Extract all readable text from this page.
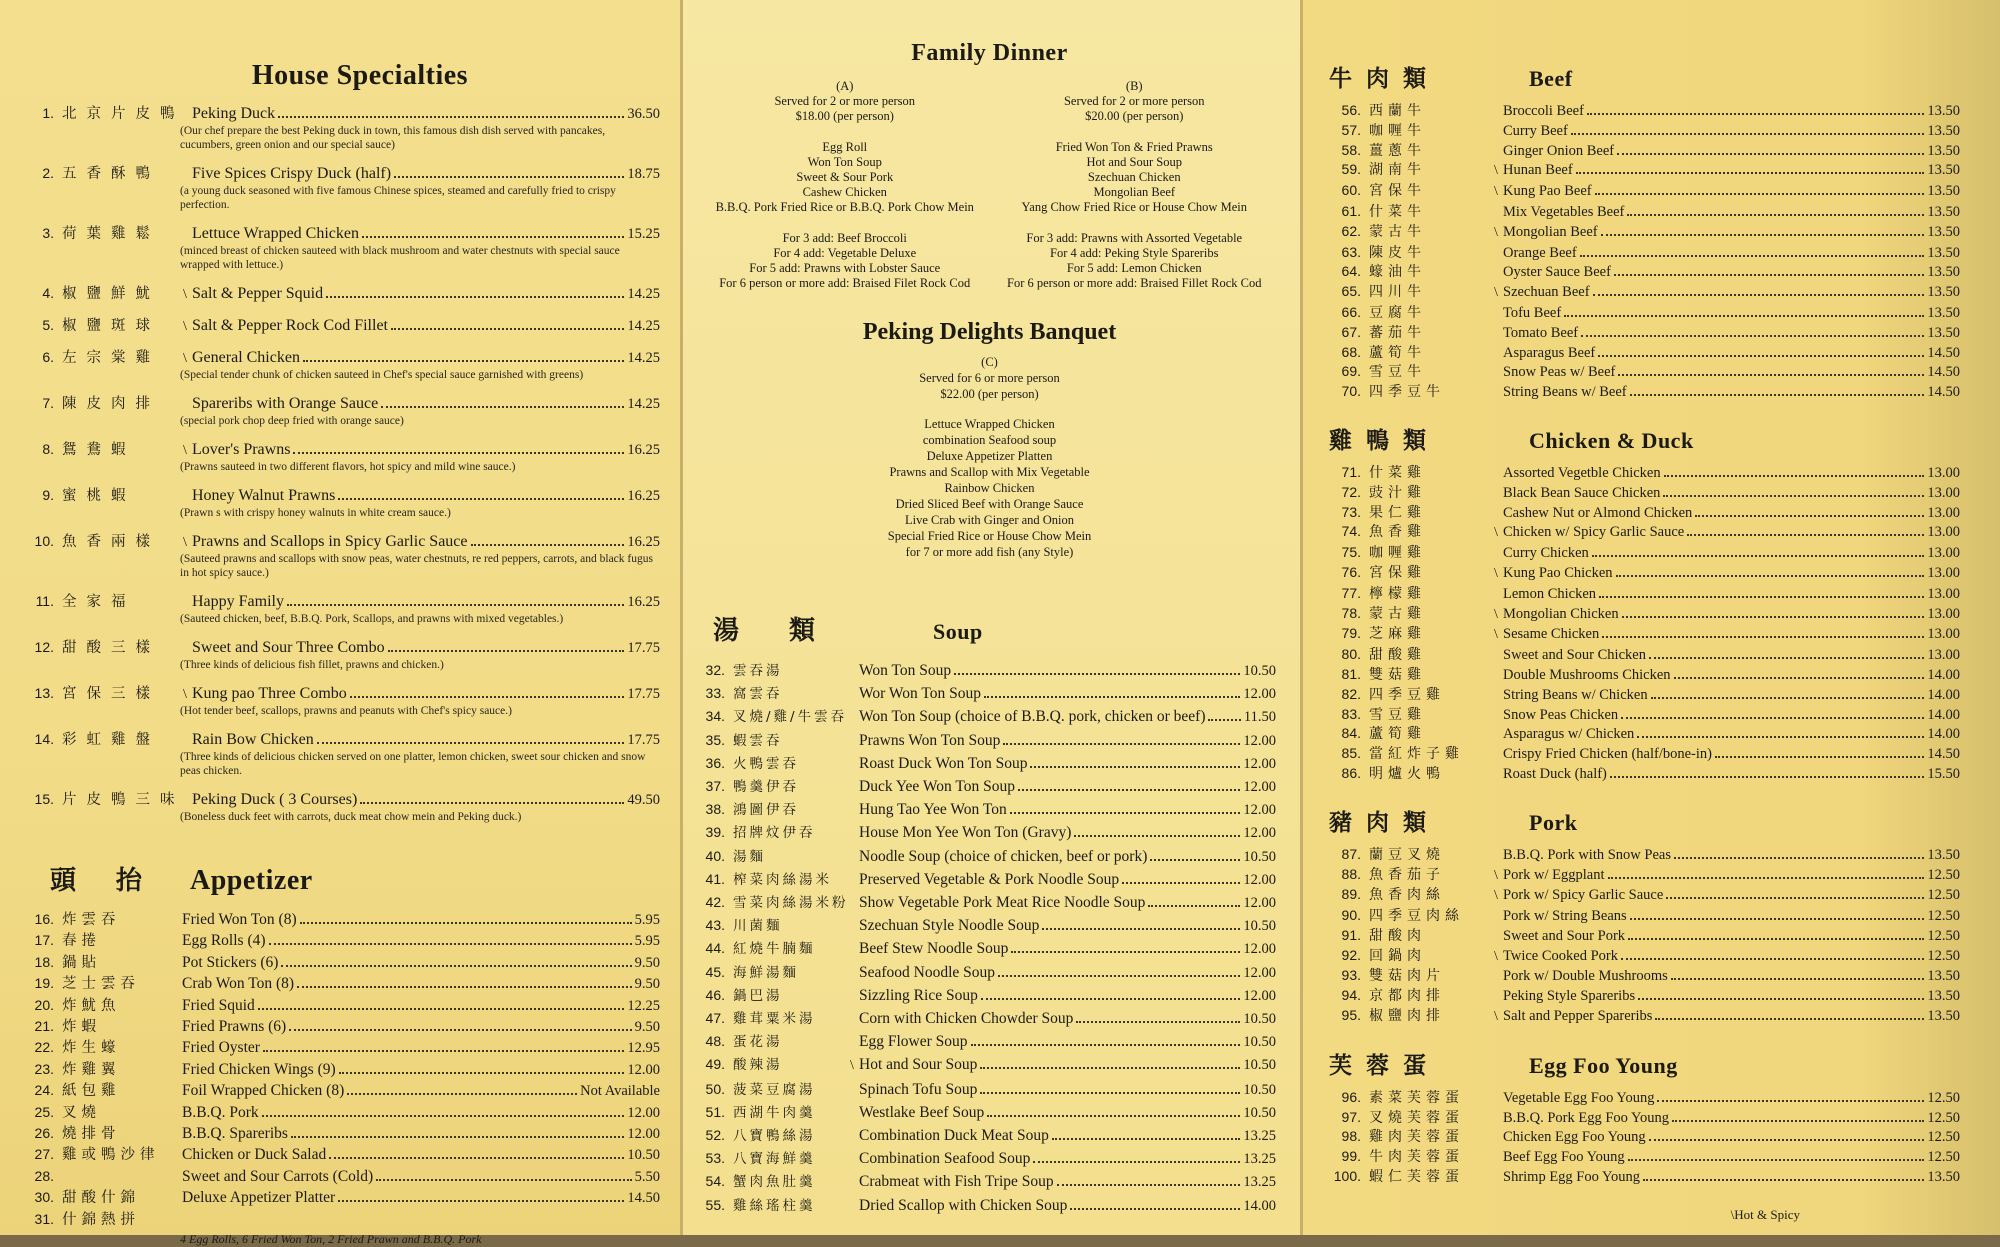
House Specialties
1. 北京片皮鴨 Peking Duck	36.50
(Our chef prepare the best Peking duck in town, this famous dish dish served with pancakes, cucumbers, green onion and our special sauce)
2. 五香酥鴨	Five Spices Crispy Duck (half)	18.75
(a young duck seasoned with five famous Chinese spices, steamed and carefully fried to crispy perfection.
3. 荷葉雞鬆	Lettuce Wrapped Chicken	15.25
(minced breast of chicken sauteed with black mushroom and water chestnuts with special sauce wrapped with lettuce.)
4. 椒鹽鮮魷	\ Salt & Pepper Squid	14.25
5. 椒鹽斑球	\ Salt & Pepper Rock Cod Fillet	14.25
6. 左宗棠雞	\ General Chicken	14.25
(Special tender chunk of chicken sauteed in Chef's special sauce garnished with greens)
7. 陳皮肉排	Spareribs with Orange Sauce	14.25
(special pork chop deep fried with orange sauce)
8. 鴛鴦蝦	\ Lover's Prawns	16.25
(Prawns sauteed in two different flavors, hot spicy and mild wine sauce.)
9. 蜜桃蝦	Honey Walnut Prawns	16.25
(Prawn s with crispy honey walnuts in white cream sauce.)
10. 魚香兩樣	\ Prawns and Scallops in Spicy Garlic Sauce	16.25
(Sauteed prawns and scallops with snow peas, water chestnuts, re red peppers, carrots, and black fugus in hot spicy sauce.)
11. 全家福	Happy Family	16.25
(Sauteed chicken, beef, B.B.Q. Pork, Scallops, and prawns with mixed vegetables.)
12. 甜酸三樣	Sweet and Sour Three Combo	17.75
(Three kinds of delicious fish fillet, prawns and chicken.)
13. 宮保三樣	\ Kung pao Three Combo	17.75
(Hot tender beef, scallops, prawns and peanuts with Chef's spicy sauce.)
14. 彩虹雞盤	Rain Bow Chicken	17.75
(Three kinds of delicious chicken served on one platter, lemon chicken, sweet sour chicken and snow peas chicken.
15. 片皮鴨三味 Peking Duck ( 3 Courses)	49.50
(Boneless duck feet with carrots, duck meat chow mein and Peking duck.)
頭抬 Appetizer
16. 炸雲吞	Fried Won Ton (8)	5.95
17. 春捲	Egg Rolls (4)	5.95
18. 鍋貼	Pot Stickers (6)	9.50
19. 芝士雲吞	Crab Won Ton (8)	9.50
20. 炸魷魚	Fried Squid	12.25
21. 炸蝦	Fried Prawns (6)	9.50
22. 炸生蠔	Fried Oyster	12.95
23. 炸雞翼	Fried Chicken Wings (9)	12.00
24. 紙包雞	Foil Wrapped Chicken (8)	Not Available
25. 叉燒	B.B.Q. Pork	12.00
26. 燒排骨	B.B.Q. Spareribs	12.00
27. 雞或鴨沙律	Chicken or Duck Salad	10.50
28.	Sweet and Sour Carrots (Cold)	5.50
30. 甜酸什錦	Deluxe Appetizer Platter	14.50
31. 什錦熱拼
4 Egg Rolls, 6 Fried Won Ton, 2 Fried Prawn and B.B.Q. Pork
Family Dinner
(A)
Served for 2 or more person
$18.00 (per person)
Egg Roll
Won Ton Soup
Sweet & Sour Pork
Cashew Chicken
B.B.Q. Pork Fried Rice or B.B.Q. Pork Chow Mein
For 3 add: Beef Broccoli
For 4 add: Vegetable Deluxe
For 5 add: Prawns with Lobster Sauce
For 6 person or more add: Braised Filet Rock Cod
(B)
Served for 2 or more person
$20.00 (per person)
Fried Won Ton & Fried Prawns
Hot and Sour Soup
Szechuan Chicken
Mongolian Beef
Yang Chow Fried Rice or House Chow Mein
For 3 add: Prawns with Assorted Vegetable
For 4 add: Peking Style Spareribs
For 5 add: Lemon Chicken
For 6 person or more add: Braised Fillet Rock Cod
Peking Delights Banquet
(C)
Served for 6 or more person
$22.00 (per person)
Lettuce Wrapped Chicken
combination Seafood soup
Deluxe Appetizer Platten
Prawns and Scallop with Mix Vegetable
Rainbow Chicken
Dried Sliced Beef with Orange Sauce
Live Crab with Ginger and Onion
Special Fried Rice or House Chow Mein
for 7 or more add fish (any Style)
湯類	Soup
32. 雲吞湯	Won Ton Soup	10.50
33. 窩雲吞	Wor Won Ton Soup	12.00
34. 叉燒/雞/牛雲吞 Won Ton Soup (choice of B.B.Q. pork, chicken or beef)	11.50
35. 蝦雲吞	Prawns Won Ton Soup	12.00
36. 火鴨雲吞	Roast Duck Won Ton Soup	12.00
37. 鴨羹伊吞	Duck Yee Won Ton Soup	12.00
38. 鴻圖伊吞	Hung Tao Yee Won Ton	12.00
39. 招牌炆伊吞	House Mon Yee Won Ton (Gravy)	12.00
40. 湯麵	Noodle Soup (choice of chicken, beef or pork)	10.50
41. 榨菜肉絲湯米	Preserved Vegetable & Pork Noodle Soup	12.00
42. 雪菜肉絲湯米粉 Show Vegetable Pork Meat Rice Noodle Soup	12.00
43. 川菌麵	Szechuan Style Noodle Soup	10.50
44. 紅燒牛腩麵	Beef Stew Noodle Soup	12.00
45. 海鮮湯麵	Seafood Noodle Soup	12.00
46. 鍋巴湯	Sizzling Rice Soup	12.00
47. 雞茸粟米湯	Corn with Chicken Chowder Soup	10.50
48. 蛋花湯	Egg Flower Soup	10.50
49. 酸辣湯	\ Hot and Sour Soup	10.50
50. 菠菜豆腐湯	Spinach Tofu Soup	10.50
51. 西湖牛肉羹	Westlake Beef Soup	10.50
52. 八寶鴨絲湯	Combination Duck Meat Soup	13.25
53. 八寶海鮮羹	Combination Seafood Soup	13.25
54. 蟹肉魚肚羹	Crabmeat with Fish Tripe Soup	13.25
55. 雞絲瑤柱羹	Dried Scallop with Chicken Soup	14.00
牛肉類	Beef
56. 西蘭牛	Broccoli Beef	13.50
57. 咖喱牛	Curry Beef	13.50
58. 薑蔥牛	Ginger Onion Beef	13.50
59. 湖南牛	\ Hunan Beef	13.50
60. 宮保牛	\ Kung Pao Beef	13.50
61. 什菜牛	Mix Vegetables Beef	13.50
62. 蒙古牛	\ Mongolian Beef	13.50
63. 陳皮牛	Orange Beef	13.50
64. 蠔油牛	Oyster Sauce Beef	13.50
65. 四川牛	\ Szechuan Beef	13.50
66. 豆腐牛	Tofu Beef	13.50
67. 蕃茄牛	Tomato Beef	13.50
68. 蘆筍牛	Asparagus Beef	14.50
69. 雪豆牛	Snow Peas w/ Beef	14.50
70. 四季豆牛	String Beans w/ Beef	14.50
雞鴨類	Chicken & Duck
71. 什菜雞	Assorted Vegetble Chicken	13.00
72. 豉汁雞	Black Bean Sauce Chicken	13.00
73. 果仁雞	Cashew Nut or Almond Chicken	13.00
74. 魚香雞	\ Chicken w/ Spicy Garlic Sauce	13.00
75. 咖喱雞	Curry Chicken	13.00
76. 宮保雞	\ Kung Pao Chicken	13.00
77. 檸檬雞	Lemon Chicken	13.00
78. 蒙古雞	\ Mongolian Chicken	13.00
79. 芝麻雞	\ Sesame Chicken	13.00
80. 甜酸雞	Sweet and Sour Chicken	13.00
81. 雙菇雞	Double Mushrooms Chicken	14.00
82. 四季豆雞	String Beans w/ Chicken	14.00
83. 雪豆雞	Snow Peas Chicken	14.00
84. 蘆筍雞	Asparagus w/ Chicken	14.00
85. 當紅炸子雞	Crispy Fried Chicken (half/bone-in)	14.50
86. 明爐火鴨	Roast Duck (half)	15.50
豬肉類	Pork
87. 蘭豆叉燒	B.B.Q. Pork with Snow Peas	13.50
88. 魚香茄子	\ Pork w/ Eggplant	12.50
89. 魚香肉絲	\ Pork w/ Spicy Garlic Sauce	12.50
90. 四季豆肉絲	Pork w/ String Beans	12.50
91. 甜酸肉	Sweet and Sour Pork	12.50
92. 回鍋肉	\ Twice Cooked Pork	12.50
93. 雙菇肉片	Pork w/ Double Mushrooms	13.50
94. 京都肉排	Peking Style Spareribs	13.50
95. 椒鹽肉排	\ Salt and Pepper Spareribs	13.50
芙蓉蛋	Egg Foo Young
96. 素菜芙蓉蛋	Vegetable Egg Foo Young	12.50
97. 叉燒芙蓉蛋	B.B.Q. Pork Egg Foo Young	12.50
98. 雞肉芙蓉蛋	Chicken Egg Foo Young	12.50
99. 牛肉芙蓉蛋	Beef Egg Foo Young	12.50
100. 蝦仁芙蓉蛋	Shrimp Egg Foo Young	13.50
\Hot & Spicy
